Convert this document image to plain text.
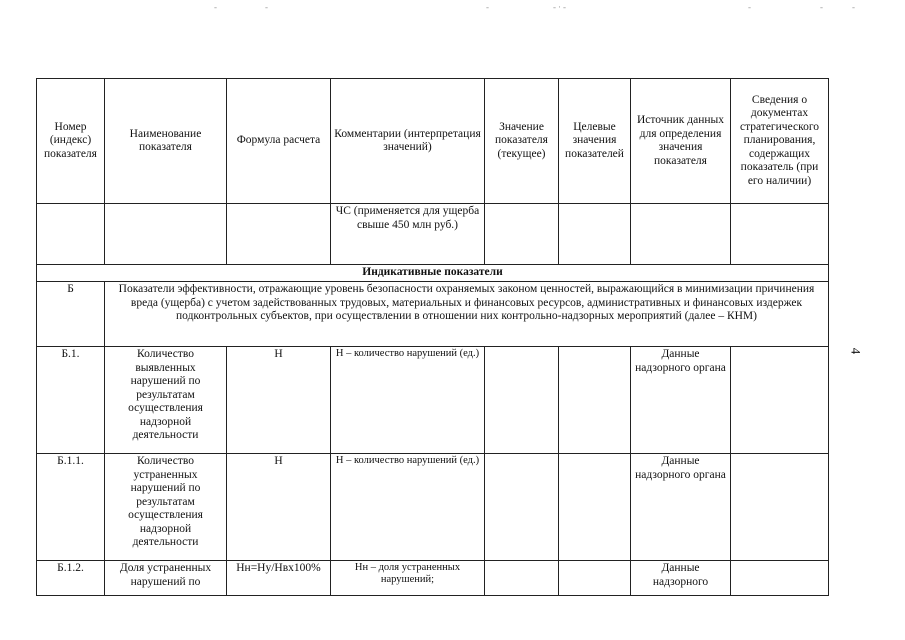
-	-	-	-·-	-	-	-
4
Номер (индекс) показателя	Наименование показателя	Формула расчета	Комментарии (интерпретация значений)	Значение показателя (текущее)	Целевые значения показателей	Источник данных для определения значения показателя	Сведения о документах стратегического планирования, содержащих показатель (при его наличии)
			ЧС (применяется для ущерба свыше 450 млн руб.)				
Индикативные показатели							
Б	Показатели эффективности, отражающие уровень безопасности охраняемых законом ценностей, выражающийся в минимизации причинения вреда (ущерба) с учетом задействованных трудовых, материальных и финансовых ресурсов, административных и финансовых издержек подконтрольных субъектов, при осуществлении в отношении них контрольно-надзорных мероприятий (далее – КНМ)						
Б.1.	Количество выявленных нарушений по результатам осуществления надзорной деятельности	Н	Н – количество нарушений (ед.)			Данные надзорного органа	
Б.1.1.	Количество устраненных нарушений по результатам осуществления надзорной деятельности	Н	Н – количество нарушений (ед.)			Данные надзорного органа	
Б.1.2.	Доля устраненных нарушений по	Нн=Ну/Нвх100%	Нн – доля устраненных нарушений;			Данные надзорного	
